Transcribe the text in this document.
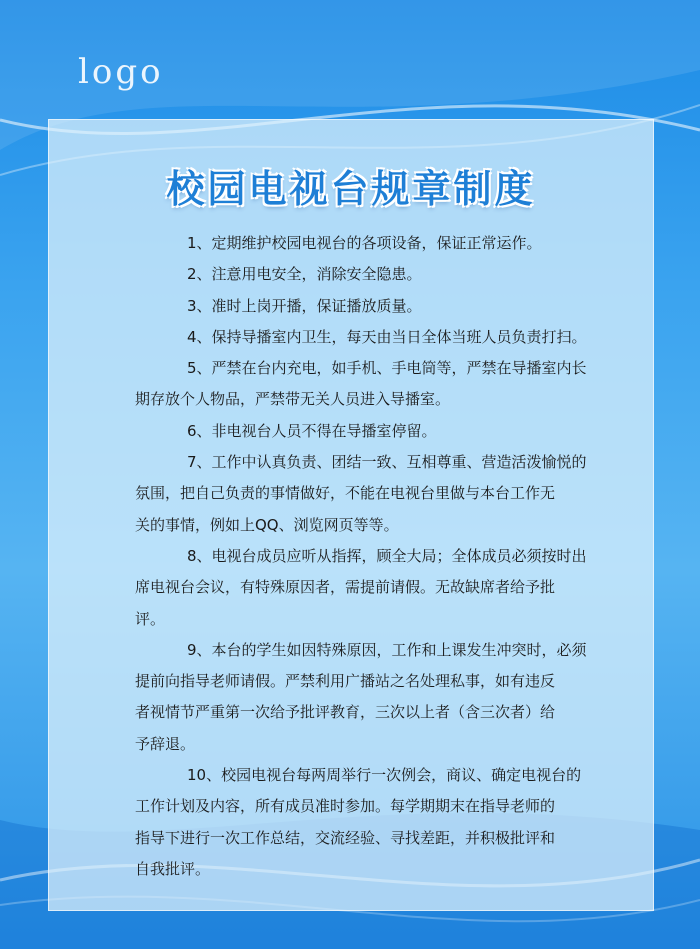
logo
校园电视台规章制度
1、定期维护校园电视台的各项设备，保证正常运作。
2、注意用电安全，消除安全隐患。
3、准时上岗开播，保证播放质量。
4、保持导播室内卫生，每天由当日全体当班人员负责打扫。
5、严禁在台内充电，如手机、手电筒等，严禁在导播室内长
期存放个人物品，严禁带无关人员进入导播室。
6、非电视台人员不得在导播室停留。
7、工作中认真负责、团结一致、互相尊重、营造活泼愉悦的
氛围，把自己负责的事情做好，不能在电视台里做与本台工作无
关的事情，例如上QQ、浏览网页等等。
8、电视台成员应听从指挥，顾全大局；全体成员必须按时出
席电视台会议，有特殊原因者，需提前请假。无故缺席者给予批
评。
9、本台的学生如因特殊原因，工作和上课发生冲突时，必须
提前向指导老师请假。严禁利用广播站之名处理私事，如有违反
者视情节严重第一次给予批评教育，三次以上者（含三次者）给
予辞退。
10、校园电视台每两周举行一次例会，商议、确定电视台的
工作计划及内容，所有成员准时参加。每学期期末在指导老师的
指导下进行一次工作总结，交流经验、寻找差距，并积极批评和
自我批评。
